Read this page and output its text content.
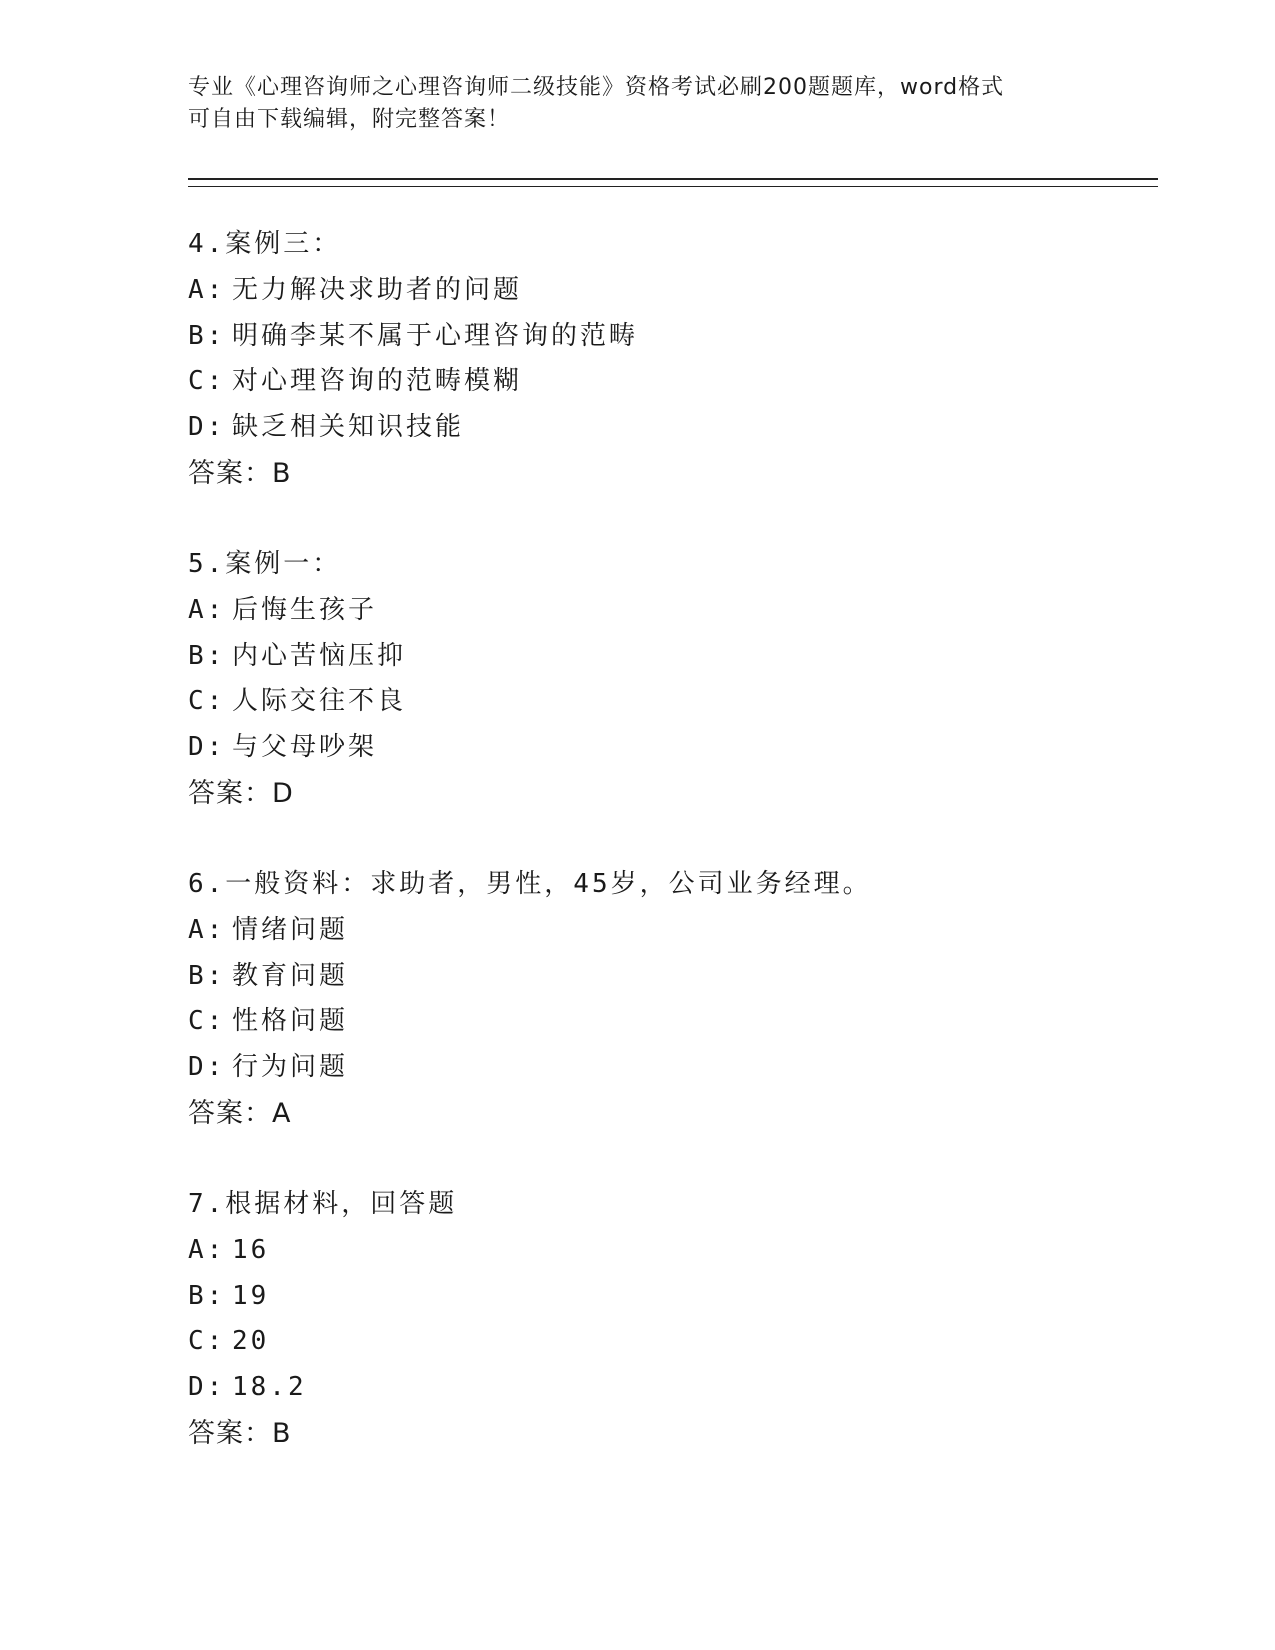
专业《心理咨询师之心理咨询师二级技能》资格考试必刷200题题库，word格式
可自由下载编辑，附完整答案！
4.案例三：
A: 无力解决求助者的问题
B: 明确李某不属于心理咨询的范畴
C: 对心理咨询的范畴模糊
D: 缺乏相关知识技能
答案：B
5.案例一：
A: 后悔生孩子
B: 内心苦恼压抑
C: 人际交往不良
D: 与父母吵架
答案：D
6.一般资料：求助者，男性，45岁，公司业务经理。
A: 情绪问题
B: 教育问题
C: 性格问题
D: 行为问题
答案：A
7.根据材料，回答题
A: 16
B: 19
C: 20
D: 18.2
答案：B
